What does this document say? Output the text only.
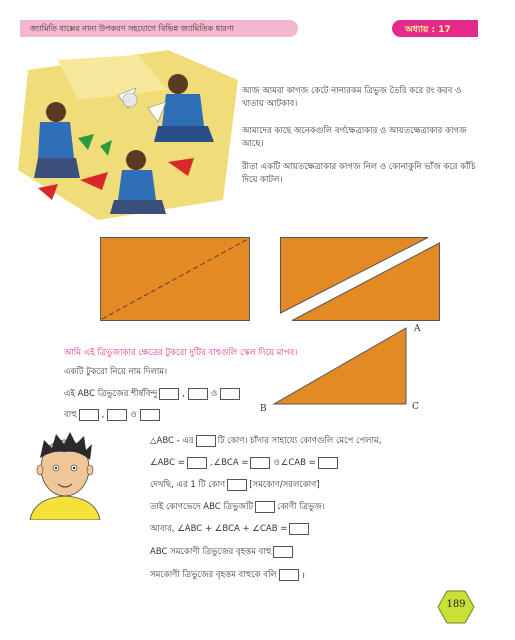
জ্যামিতি বাক্সের নানা উপকরণ সহযোগে বিভিন্ন জ্যামিতিক ধারণা	অধ্যায় : 17
আজ আমরা কাগজ কেটে নানারকম ত্রিভুজ তৈরি করে রং করব ও খাতায় আটকাব।
আমাদের কাছে অনেকগুলি বর্গক্ষেত্রাকার ও আয়তক্ষেত্রাকার কাগজ আছে।
রীতা একটি আয়তক্ষেত্রাকার কাগজ নিল ও কোনাকুনি ভাঁজ করে কাঁচি দিয়ে কাটল।
আমি এই ত্রিভুজাকার ক্ষেত্রের টুকরো দুটির বাহুগুলি স্কেল দিয়ে মাপব।
একটি টুকরো নিয়ে নাম দিলাম।
এই ABC ত্রিভুজের শীর্ষবিন্দু	,	ও
বাহু	,	ও
A
B	C
△ABC - এর	টি কোণ। চাঁদার সাহায্যে কোণগুলি মেপে পেলাম,
∠ABC =	, ∠BCA =	ও ∠CAB =
দেখছি, এর 1 টি কোণ	[সমকোণ/সরলকোণ]
তাই কোণভেদে ABC ত্রিভুজটি	কোণী ত্রিভুজ।
আবার, ∠ABC + ∠BCA + ∠CAB =
ABC সমকোণী ত্রিভুজের বৃহত্তম বাহু
সমকোণী ত্রিভুজের বৃহত্তম বাহুকে বলি	।
189
